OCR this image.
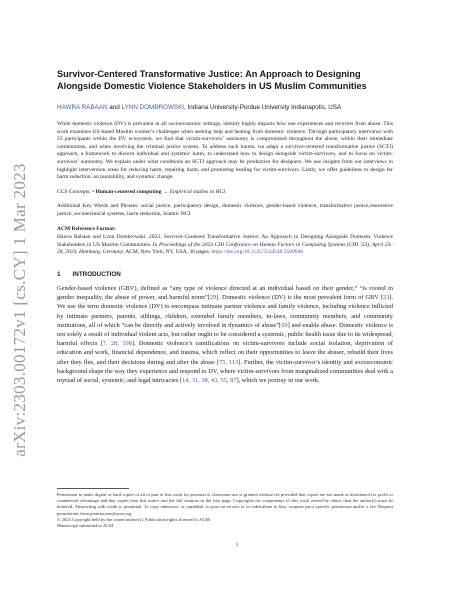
arXiv:2303.00172v1 [cs.CY] 1 Mar 2023
Survivor-Centered Transformative Justice: An Approach to Designing Alongside Domestic Violence Stakeholders in US Muslim Communities
HAWRA RABAAN and LYNN DOMBROWSKI, Indiana University-Purdue University Indianapolis, USA

While domestic violence (DV) is prevalent in all socioeconomic settings, identity highly impacts how one experiences and recovers from abuse. This work examines US-based Muslim women’s challenges when seeking help and healing from domestic violence. Through participatory interviews with 23 participants within the DV ecosystem, we find that victim-survivors’ autonomy is compromised throughout the abuse, within their immediate communities, and when involving the criminal justice system. To address such harms, we adapt a survivor-centered transformative justice (SCTJ) approach, a framework to discern individual and systemic harm, to understand how to design alongside victim-survivors, and to focus on victim-survivors’ autonomy. We explain under what conditions an SCTJ approach may be productive for designers. We use insights from our interviews to highlight intervention areas for reducing harm, repairing harm, and promoting healing for victim-survivors. Lastly, we offer guidelines to design for harm reduction, accountability, and systemic change.

CCS Concepts: • Human-centered computing → Empirical studies in HCI.

Additional Key Words and Phrases: social justice, participatory design, domestic violence, gender-based violence, transformative justice,restorative justice, sociotechnical systems, harm reduction, Islamic HCI

ACM Reference Format:

Hawra Rabaan and Lynn Dombrowski. 2023. Survivor-Centered Transformative Justice: An Approach to Designing Alongside Domestic Violence Stakeholders in US Muslim Communities. In Proceedings of the 2023 CHI Conference on Human Factors in Computing Systems (CHI ’23), April 23–28, 2023, Hamburg, Germany. ACM, New York, NY, USA, 30 pages. https://doi.org/10.1145/3544548.3580648

1 INTRODUCTION

Gender-based violence (GBV), defined as “any type of violence directed at an individual based on their gender,” “is rooted in gender inequality, the abuse of power, and harmful norm”[29]. Domestic violence (DV) is the most prevalent form of GBV [23]. We use the term domestic violence (DV) to encompass intimate partner violence and family violence, including violence inflicted by intimate partners, parents, siblings, children, extended family members, in-laws, community members, and community institutions, all of which “can be directly and actively involved in dynamics of abuse”[69] and enable abuse. Domestic violence is not solely a result of individual violent acts, but rather ought to be considered a systemic, public health issue due to its widespread, harmful effects [7, 28, 108]. Domestic violence’s ramifications on victim-survivors include social isolation, deprivation of education and work, financial dependence, and trauma, which reflect on their opportunities to leave the abuser, rebuild their lives after they flee, and their decisions during and after the abuse [75, 113]. Further, the victim-survivor’s identity and socioeconomic background shape the way they experience and respond to DV, where victim-survivors from marginalized communities deal with a myriad of social, systemic, and legal intricacies [14, 31, 38, 43, 55, 87], which we portray in our work.

Permission to make digital or hard copies of all or part of this work for personal or classroom use is granted without fee provided that copies are not made or distributed for profit or commercial advantage and that copies bear this notice and the full citation on the first page. Copyrights for components of this work owned by others than the author(s) must be honored. Abstracting with credit is permitted. To copy otherwise, or republish, to post on servers or to redistribute to lists, requires prior specific permission and/or a fee. Request permissions from permissions@acm.org.

© 2023 Copyright held by the owner/author(s). Publication rights licensed to ACM.

Manuscript submitted to ACM

1
